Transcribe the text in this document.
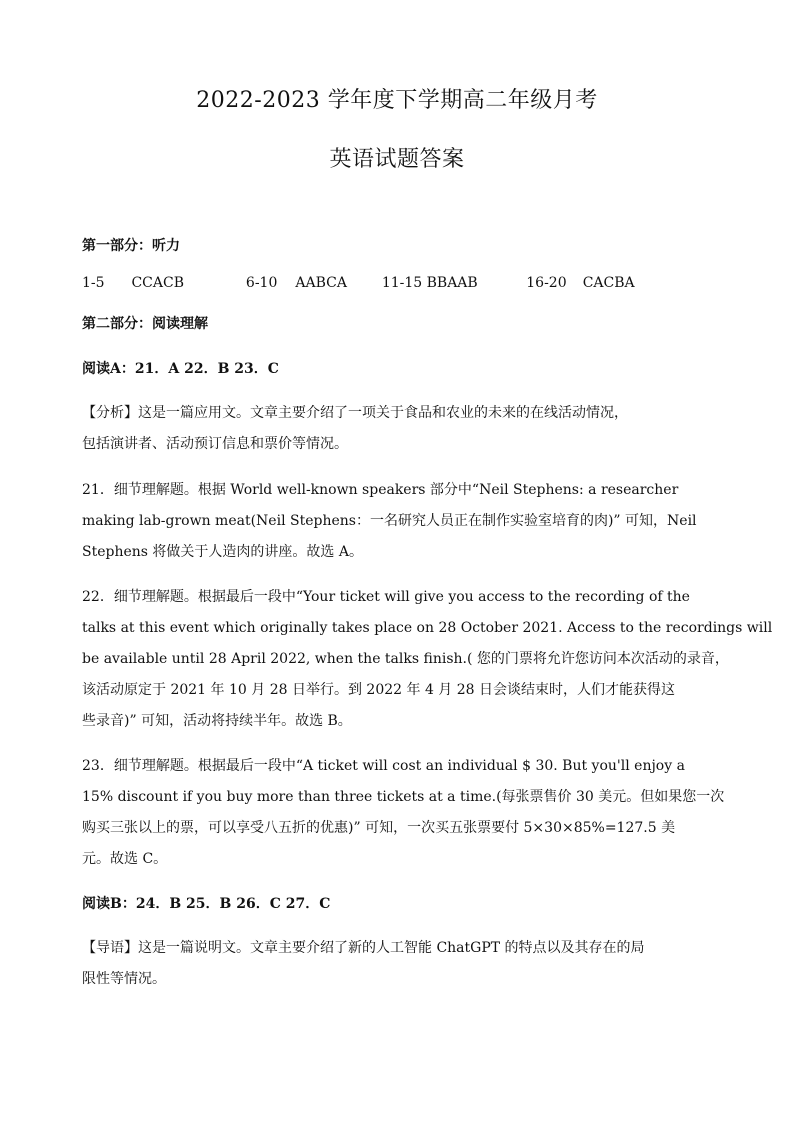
2022-2023 学年度下学期高二年级月考
英语试题答案
第一部分：听力
1-5 CCACB	6-10 AABCA 11-15 BBAAB	16-20 CACBA
第二部分：阅读理解
阅读A：21．A 22．B 23．C

【分析】这是一篇应用文。文章主要介绍了一项关于食品和农业的未来的在线活动情况，

包括演讲者、活动预订信息和票价等情况。

21．细节理解题。根据 World well-known speakers 部分中“Neil Stephens: a researcher

making lab-grown meat(Neil Stephens：一名研究人员正在制作实验室培育的肉)” 可知，Neil

Stephens 将做关于人造肉的讲座。故选 A。

22．细节理解题。根据最后一段中“Your ticket will give you access to the recording of the

talks at this event which originally takes place on 28 October 2021. Access to the recordings will

be available until 28 April 2022, when the talks finish.( 您的门票将允许您访问本次活动的录音，

该活动原定于 2021 年 10 月 28 日举行。到 2022 年 4 月 28 日会谈结束时，人们才能获得这

些录音)” 可知，活动将持续半年。故选 B。

23．细节理解题。根据最后一段中“A ticket will cost an individual $ 30. But you'll enjoy a

15% discount if you buy more than three tickets at a time.(每张票售价 30 美元。但如果您一次

购买三张以上的票，可以享受八五折的优惠)” 可知，一次买五张票要付 5×30×85%=127.5 美

元。故选 C。

阅读B：24．B 25．B 26．C 27．C

【导语】这是一篇说明文。文章主要介绍了新的人工智能 ChatGPT 的特点以及其存在的局

限性等情况。
